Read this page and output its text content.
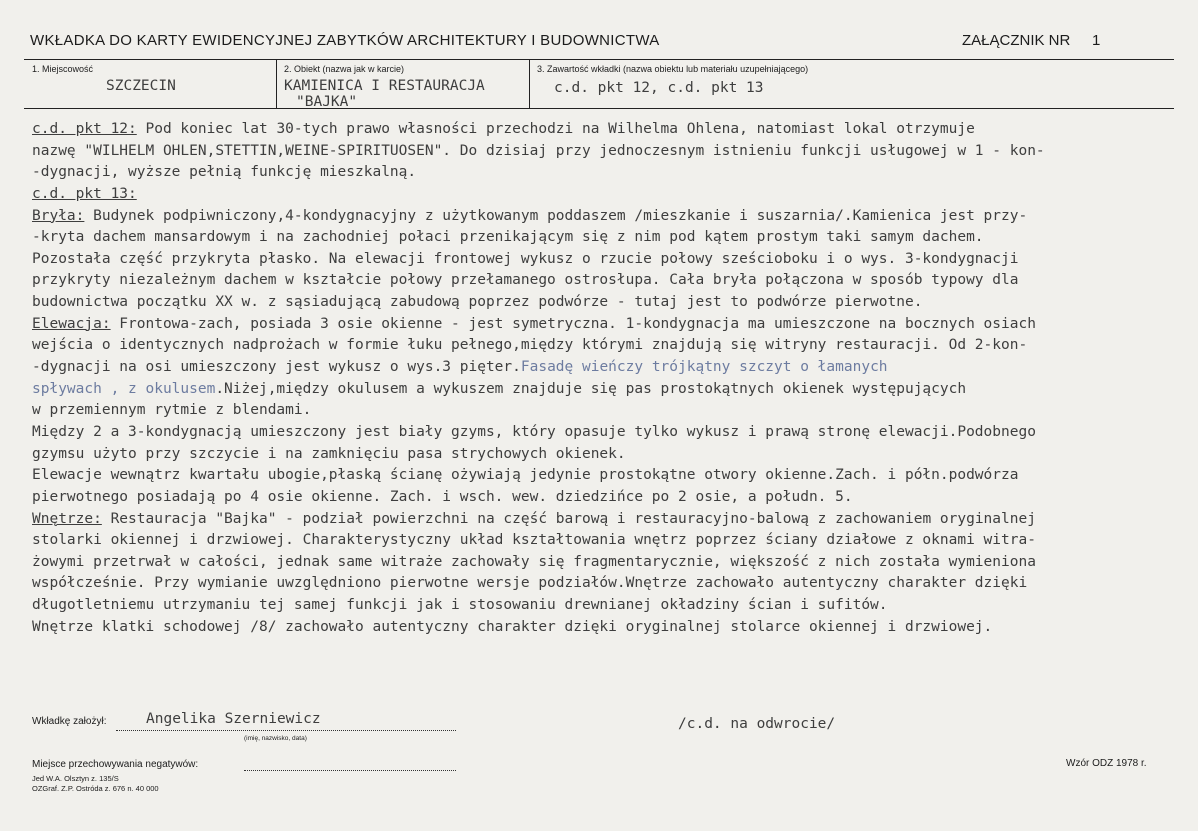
WKŁADKA DO KARTY EWIDENCYJNEJ ZABYTKÓW ARCHITEKTURY I BUDOWNICTWA	ZAŁĄCZNIK NR 1
1. Miejscowość
SZCZECIN
2. Obiekt (nazwa jak w karcie)
KAMIENICA I RESTAURACJA
"BAJKA"
3. Zawartość wkładki (nazwa obiektu lub materiału uzupełniającego)
c.d. pkt 12, c.d. pkt 13
c.d. pkt 12: Pod koniec lat 30-tych prawo własności przechodzi na Wilhelma Ohlena, natomiast lokal otrzymuje
nazwę "WILHELM OHLEN,STETTIN,WEINE-SPIRITUOSEN". Do dzisiaj przy jednoczesnym istnieniu funkcji usługowej w 1 - kon-
-dygnacji, wyższe pełnią funkcję mieszkalną.
c.d. pkt 13:
Bryła: Budynek podpiwniczony,4-kondygnacyjny z użytkowanym poddaszem /mieszkanie i suszarnia/.Kamienica jest przy-
-kryta dachem mansardowym i na zachodniej połaci przenikającym się z nim pod kątem prostym taki samym dachem.
Pozostała część przykryta płasko. Na elewacji frontowej wykusz o rzucie połowy sześcioboku i o wys. 3-kondygnacji
przykryty niezależnym dachem w kształcie połowy przełamanego ostrosłupa. Cała bryła połączona w sposób typowy dla
budownictwa początku XX w. z sąsiadującą zabudową poprzez podwórze - tutaj jest to podwórze pierwotne.
Elewacja: Frontowa-zach, posiada 3 osie okienne - jest symetryczna. 1-kondygnacja ma umieszczone na bocznych osiach
wejścia o identycznych nadprożach w formie łuku pełnego,między którymi znajdują się witryny restauracji. Od 2-kon-
-dygnacji na osi umieszczony jest wykusz o wys.3 pięter.Fasadę wieńczy trójkątny szczyt o łamanych
spływach , z okulusem.Niżej,między okulusem a wykuszem znajduje się pas prostokątnych okienek występujących
w przemiennym rytmie z blendami.
Między 2 a 3-kondygnacją umieszczony jest biały gzyms, który opasuje tylko wykusz i prawą stronę elewacji.Podobnego
gzymsu użyto przy szczycie i na zamknięciu pasa strychowych okienek.
Elewacje wewnątrz kwartału ubogie,płaską ścianę ożywiają jedynie prostokątne otwory okienne.Zach. i półn.podwórza
pierwotnego posiadają po 4 osie okienne. Zach. i wsch. wew. dziedzińce po 2 osie, a połudn. 5.
Wnętrze: Restauracja "Bajka" - podział powierzchni na część barową i restauracyjno-balową z zachowaniem oryginalnej
stolarki okiennej i drzwiowej. Charakterystyczny układ kształtowania wnętrz poprzez ściany działowe z oknami witra-
żowymi przetrwał w całości, jednak same witraże zachowały się fragmentarycznie, większość z nich została wymieniona
współcześnie. Przy wymianie uwzględniono pierwotne wersje podziałów.Wnętrze zachowało autentyczny charakter dzięki
długotletniemu utrzymaniu tej samej funkcji jak i stosowaniu drewnianej okładziny ścian i sufitów.
Wnętrze klatki schodowej /8/ zachowało autentyczny charakter dzięki oryginalnej stolarce okiennej i drzwiowej.
Wkładkę założył:	Angelika Szerniewicz
(imię, nazwisko, data)
/c.d. na odwrocie/
Miejsce przechowywania negatywów:	Wzór ODZ 1978 r.
Jed W.A. Olsztyn z. 135/S
OZGraf. Z.P. Ostróda z. 676 n. 40 000
